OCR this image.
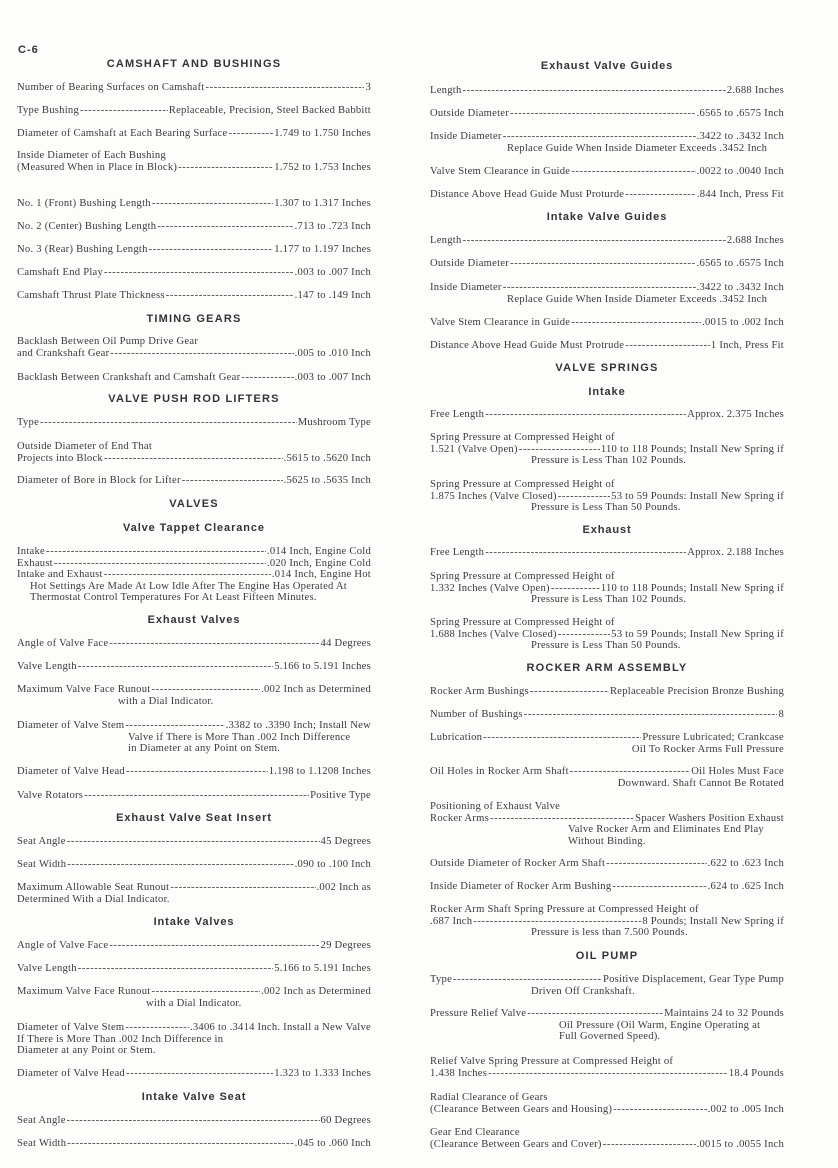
C-6
CAMSHAFT AND BUSHINGS
Number of Bearing Surfaces on Camshaft -----	3
Type Bushing -----	Replaceable, Precision, Steel Backed Babbitt
Diameter of Camshaft at Each Bearing Surface -----	1.749 to 1.750 Inches
Inside Diameter of Each Bushing
(Measured When in Place in Block) -----	1.752 to 1.753 Inches
No. 1 (Front) Bushing Length -----	1.307 to 1.317 Inches
No. 2 (Center) Bushing Length -----	.713 to .723 Inch
No. 3 (Rear) Bushing Length -----	1.177 to 1.197 Inches
Camshaft End Play -----	.003 to .007 Inch
Camshaft Thrust Plate Thickness -----	.147 to .149 Inch
TIMING GEARS
Backlash Between Oil Pump Drive Gear
and Crankshaft Gear -----	.005 to .010 Inch
Backlash Between Crankshaft and Camshaft Gear -----	.003 to .007 Inch
VALVE PUSH ROD LIFTERS
Type -----	Mushroom Type
Outside Diameter of End That
Projects into Block -----	.5615 to .5620 Inch
Diameter of Bore in Block for Lifter -----	.5625 to .5635 Inch
VALVES
Valve Tappet Clearance
Intake -----	.014 Inch, Engine Cold
Exhaust -----	.020 Inch, Engine Cold
Intake and Exhaust -----	.014 Inch, Engine Hot
Hot Settings Are Made At Low Idle After The Engine Has Operated At
Thermostat Control Temperatures For At Least Fifteen Minutes.
Exhaust Valves
Angle of Valve Face -----	44 Degrees
Valve Length -----	5.166 to 5.191 Inches
Maximum Valve Face Runout -----	.002 Inch as Determined
with a Dial Indicator.
Diameter of Valve Stem -----	.3382 to .3390 Inch; Install New
Valve if There is More Than .002 Inch Difference
in Diameter at any Point on Stem.
Diameter of Valve Head -----	1.198 to 1.1208 Inches
Valve Rotators -----	Positive Type
Exhaust Valve Seat Insert
Seat Angle -----	45 Degrees
Seat Width -----	.090 to .100 Inch
Maximum Allowable Seat Runout -----	.002 Inch as
Determined With a Dial Indicator.
Intake Valves
Angle of Valve Face -----	29 Degrees
Valve Length -----	5.166 to 5.191 Inches
Maximum Valve Face Runout -----	.002 Inch as Determined
with a Dial Indicator.
Diameter of Valve Stem -----	.3406 to .3414 Inch. Install a New Valve
If There is More Than .002 Inch Difference in
Diameter at any Point or Stem.
Diameter of Valve Head -----	1.323 to 1.333 Inches
Intake Valve Seat
Seat Angle -----	60 Degrees
Seat Width -----	.045 to .060 Inch
Exhaust Valve Guides
Length -----	2.688 Inches
Outside Diameter -----	.6565 to .6575 Inch
Inside Diameter -----	.3422 to .3432 Inch
Replace Guide When Inside Diameter Exceeds .3452 Inch
Valve Stem Clearance in Guide -----	.0022 to .0040 Inch
Distance Above Head Guide Must Proturde -----	.844 Inch, Press Fit
Intake Valve Guides
Length -----	2.688 Inches
Outside Diameter -----	.6565 to .6575 Inch
Inside Diameter -----	.3422 to .3432 Inch
Replace Guide When Inside Diameter Exceeds .3452 Inch
Valve Stem Clearance in Guide -----	.0015 to .002 Inch
Distance Above Head Guide Must Protrude -----	1 Inch, Press Fit
VALVE SPRINGS
Intake
Free Length -----	Approx. 2.375 Inches
Spring Pressure at Compressed Height of
1.521 (Valve Open) -----	110 to 118 Pounds; Install New Spring if
Pressure is Less Than 102 Pounds.
Spring Pressure at Compressed Height of
1.875 Inches (Valve Closed) -----	53 to 59 Pounds: Install New Spring if
Pressure is Less Than 50 Pounds.
Exhaust
Free Length -----	Approx. 2.188 Inches
Spring Pressure at Compressed Height of
1.332 Inches (Valve Open) -----	110 to 118 Pounds; Install New Spring if
Pressure is Less Than 102 Pounds.
Spring Pressure at Compressed Height of
1.688 Inches (Valve Closed) -----	53 to 59 Pounds; Install New Spring if
Pressure is Less Than 50 Pounds.
ROCKER ARM ASSEMBLY
Rocker Arm Bushings -----	Replaceable Precision Bronze Bushing
Number of Bushings -----	8
Lubrication -----	Pressure Lubricated; Crankcase
Oil To Rocker Arms Full Pressure
Oil Holes in Rocker Arm Shaft -----	Oil Holes Must Face
Downward. Shaft Cannot Be Rotated
Positioning of Exhaust Valve
Rocker Arms -----	Spacer Washers Position Exhaust
Valve Rocker Arm and Eliminates End Play
Without Binding.
Outside Diameter of Rocker Arm Shaft -----	.622 to .623 Inch
Inside Diameter of Rocker Arm Bushing -----	.624 to .625 Inch
Rocker Arm Shaft Spring Pressure at Compressed Height of
.687 Inch -----	8 Pounds; Install New Spring if
Pressure is less than 7.500 Pounds.
OIL PUMP
Type -----	Positive Displacement, Gear Type Pump
Driven Off Crankshaft.
Pressure Relief Valve -----	Maintains 24 to 32 Pounds
Oil Pressure (Oil Warm, Engine Operating at
Full Governed Speed).
Relief Valve Spring Pressure at Compressed Height of
1.438 Inches -----	18.4 Pounds
Radial Clearance of Gears
(Clearance Between Gears and Housing) -----	.002 to .005 Inch
Gear End Clearance
(Clearance Between Gears and Cover) -----	.0015 to .0055 Inch
